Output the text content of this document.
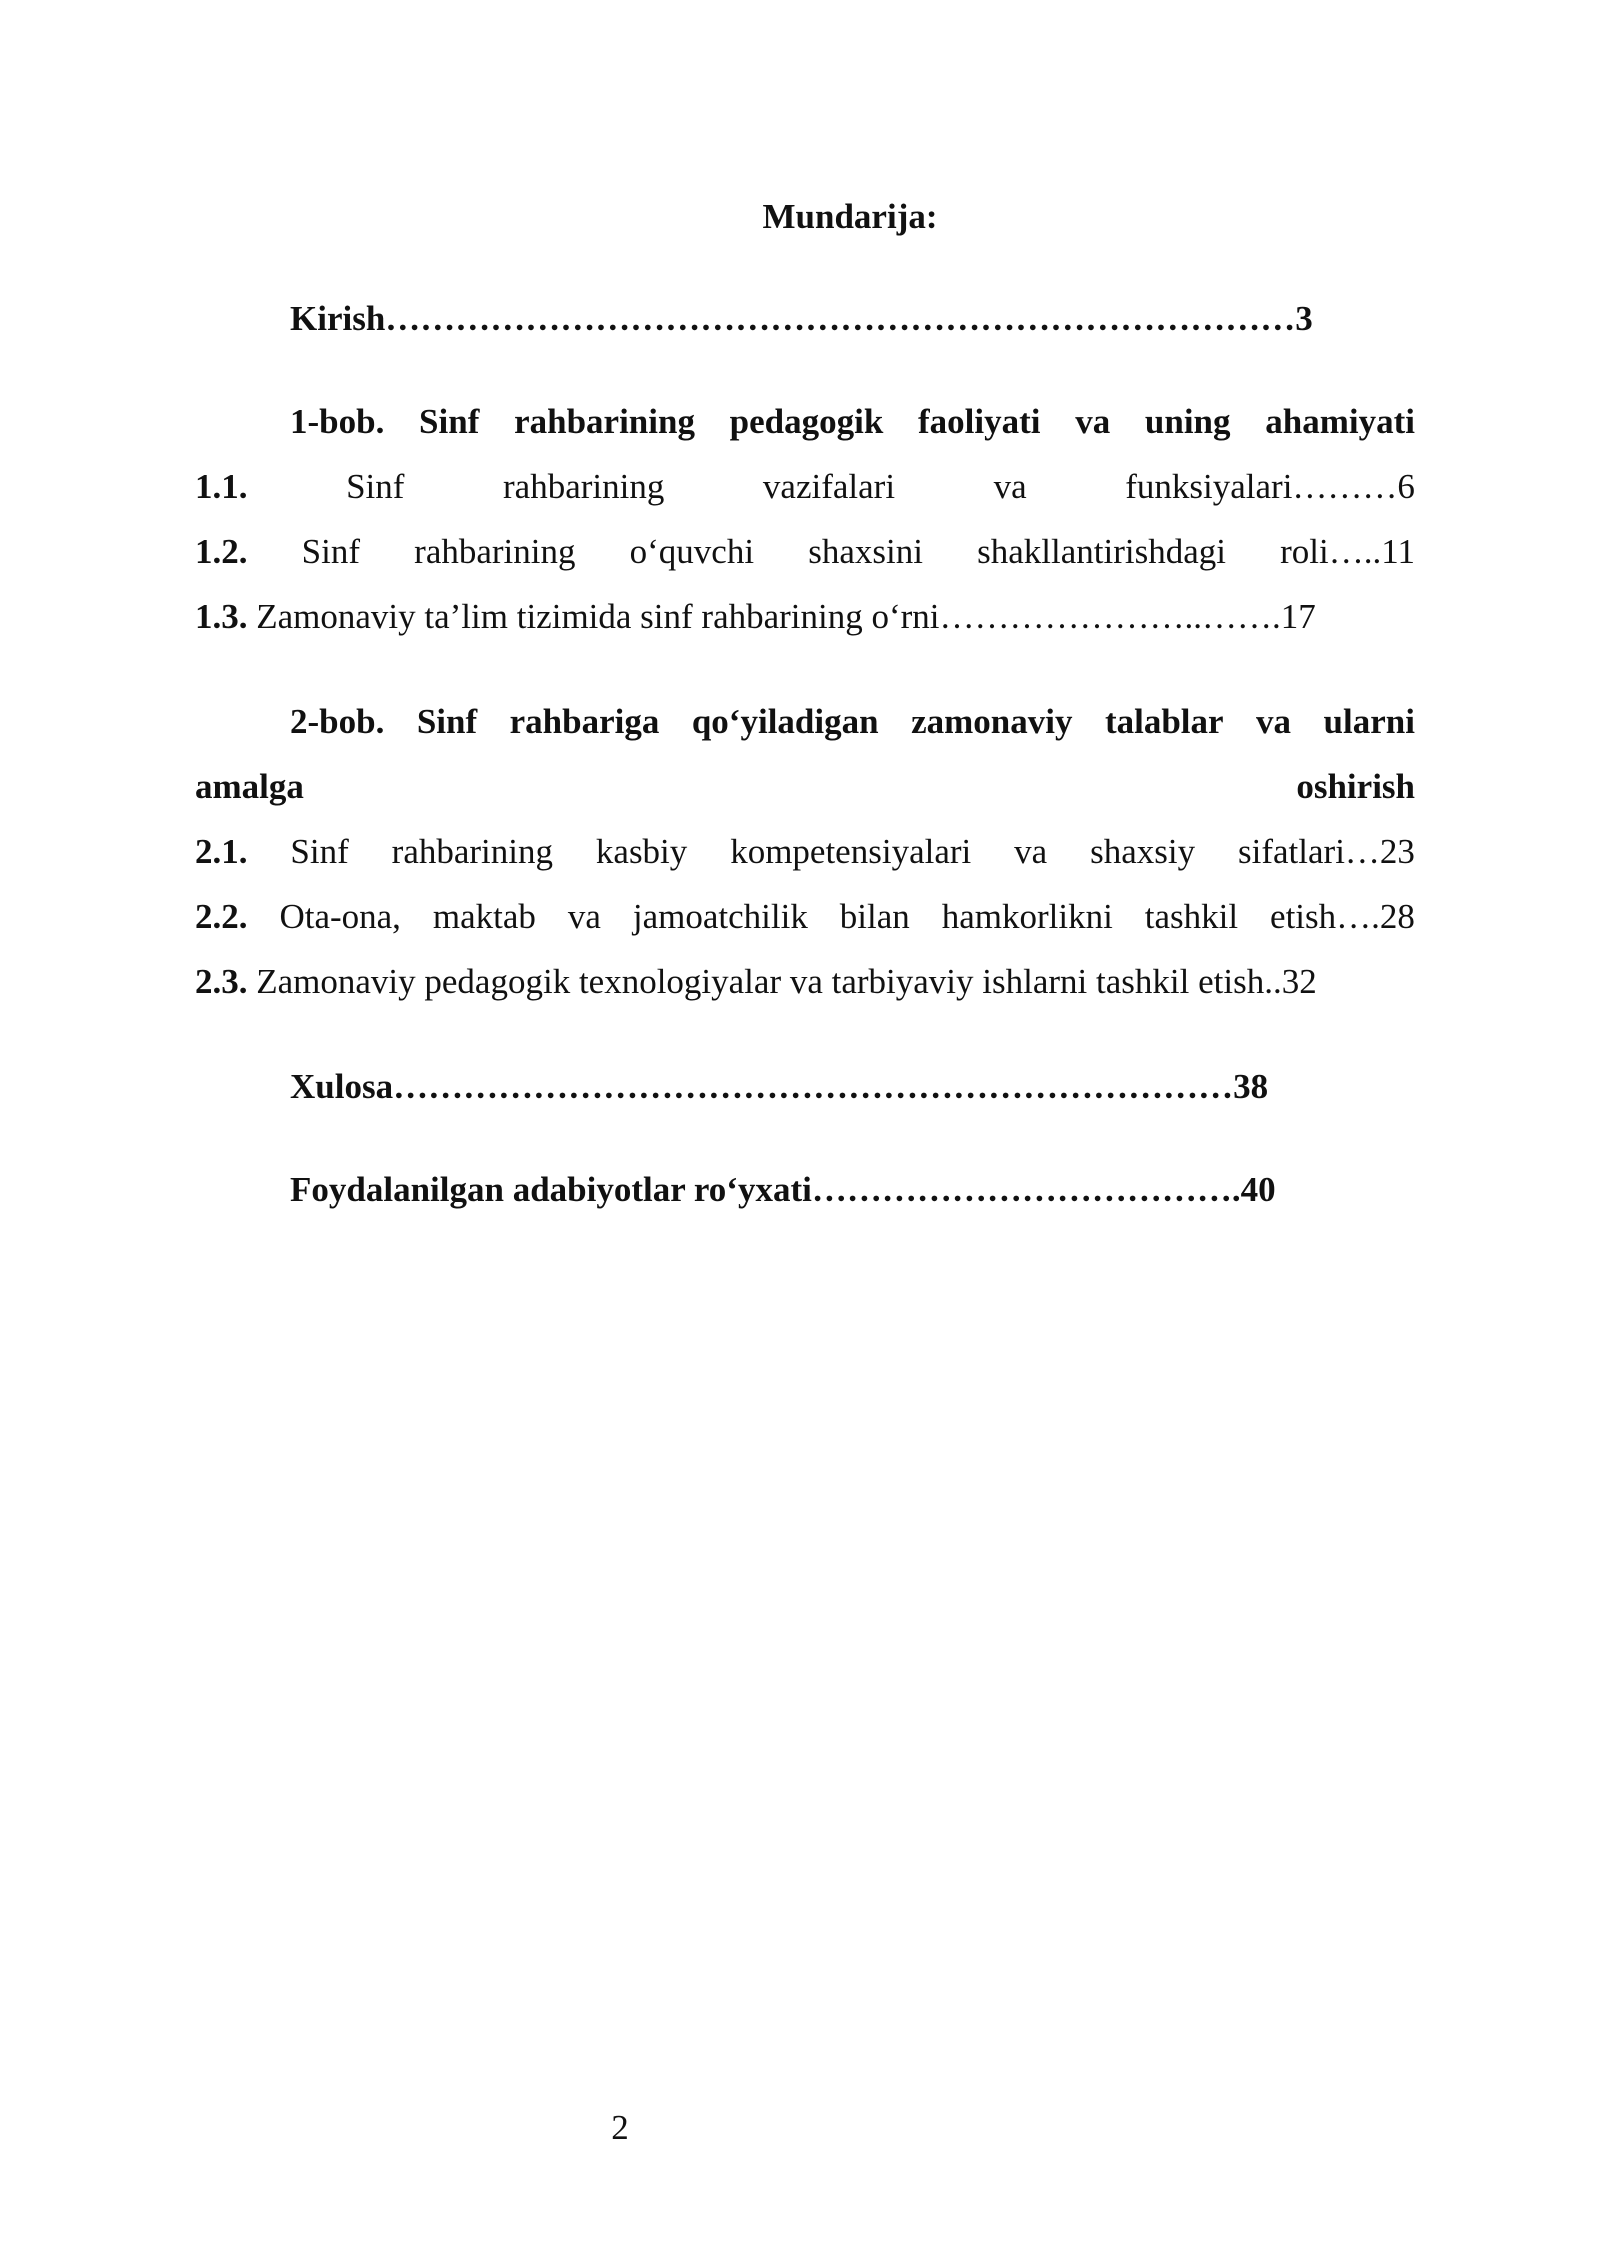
Mundarija:

Kirish……………………………………………………………………3

1-bob. Sinf rahbarining pedagogik faoliyati va uning ahamiyati

1.1.	Sinf	rahbarining	vazifalari	va	funksiyalari………6

1.2. Sinf rahbarining o‘quvchi shaxsini shakllantirishdagi roli…..11

1.3. Zamonaviy ta’lim tizimida sinf rahbarining o‘rni…………………..…….17

2-bob. Sinf rahbariga qo‘yiladigan zamonaviy talablar va ularni

amalga	oshirish

2.1. Sinf rahbarining kasbiy kompetensiyalari va shaxsiy sifatlari…23

2.2. Ota-ona, maktab va jamoatchilik bilan hamkorlikni tashkil etish….28

2.3. Zamonaviy pedagogik texnologiyalar va tarbiyaviy ishlarni tashkil etish..32

Xulosa………………………………………………………………38

Foydalanilgan adabiyotlar ro‘yxati……………………………….40

2
